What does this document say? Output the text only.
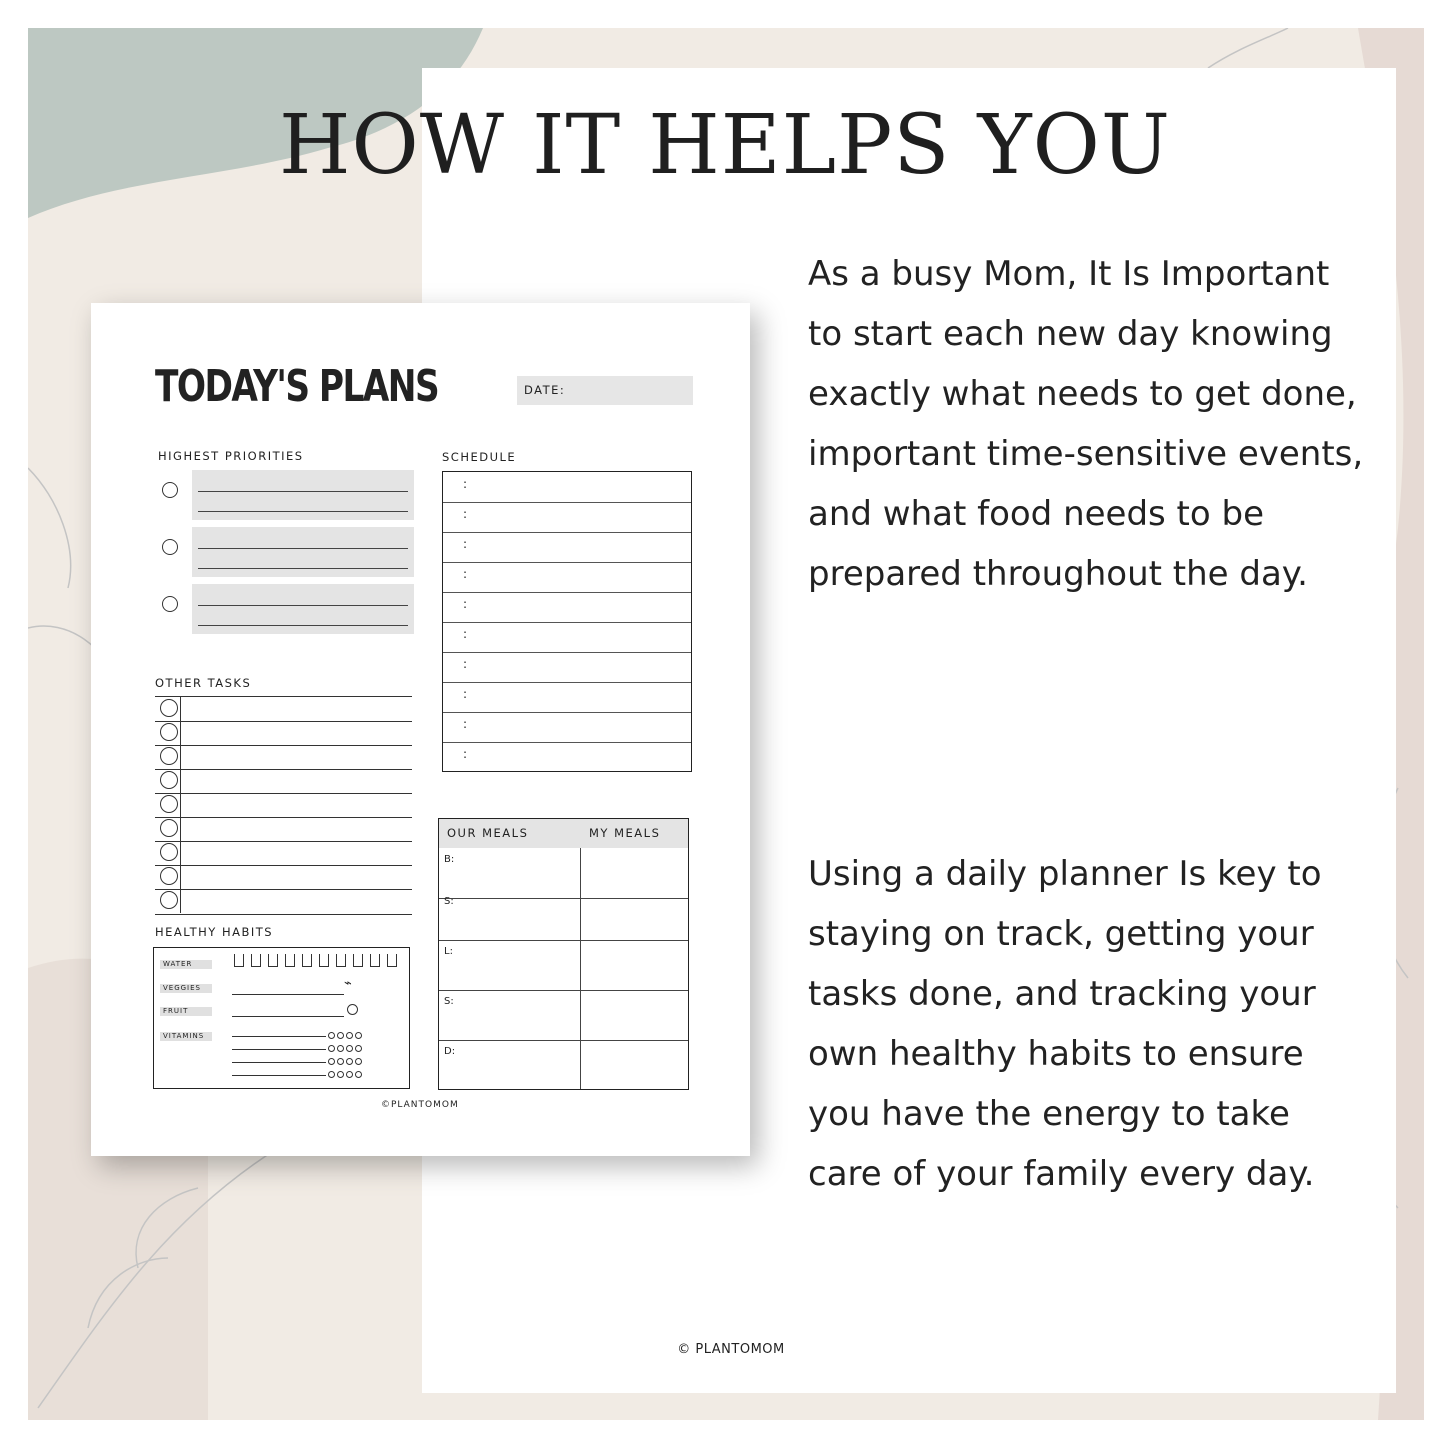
HOW IT HELPS YOU

As a busy Mom, It Is Important to start each new day knowing exactly what needs to get done, important time-sensitive events, and what food needs to be prepared throughout the day.

Using a daily planner Is key to staying on track, getting your tasks done, and tracking your own healthy habits to ensure you have the energy to take care of your family every day.

© PLANTOMOM
TODAY'S PLANS	DATE:
HIGHEST PRIORITIES	SCHEDULE
:
:
:
:
:
:
:
:
:
:
OTHER TASKS
HEALTHY HABITS
WATER
VEGGIES
FRUIT
VITAMINS
⌁
OUR MEALS	MY MEALS
B:
S:
L:
S:
D:
©PLANTOMOM
